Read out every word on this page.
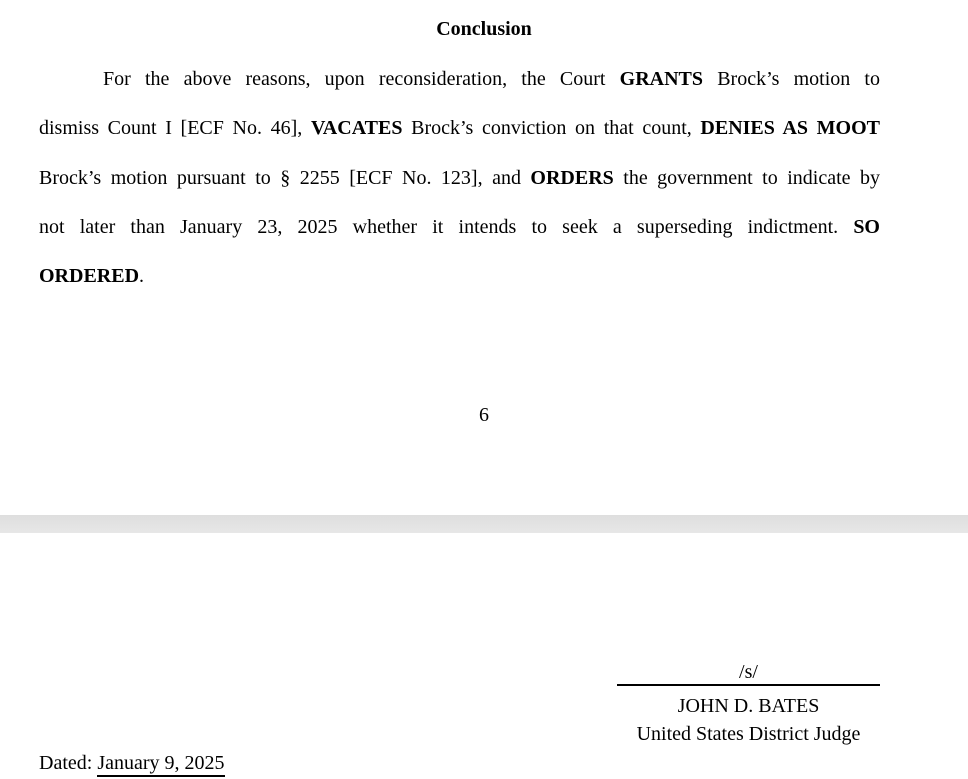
Conclusion
For the above reasons, upon reconsideration, the Court GRANTS Brock’s motion to
dismiss Count I [ECF No. 46], VACATES Brock’s conviction on that count, DENIES AS MOOT
Brock’s motion pursuant to § 2255 [ECF No. 123], and ORDERS the government to indicate by
not later than January 23, 2025 whether it intends to seek a superseding indictment. SO
ORDERED.
6
/s/
JOHN D. BATES
United States District Judge
Dated: January 9, 2025
